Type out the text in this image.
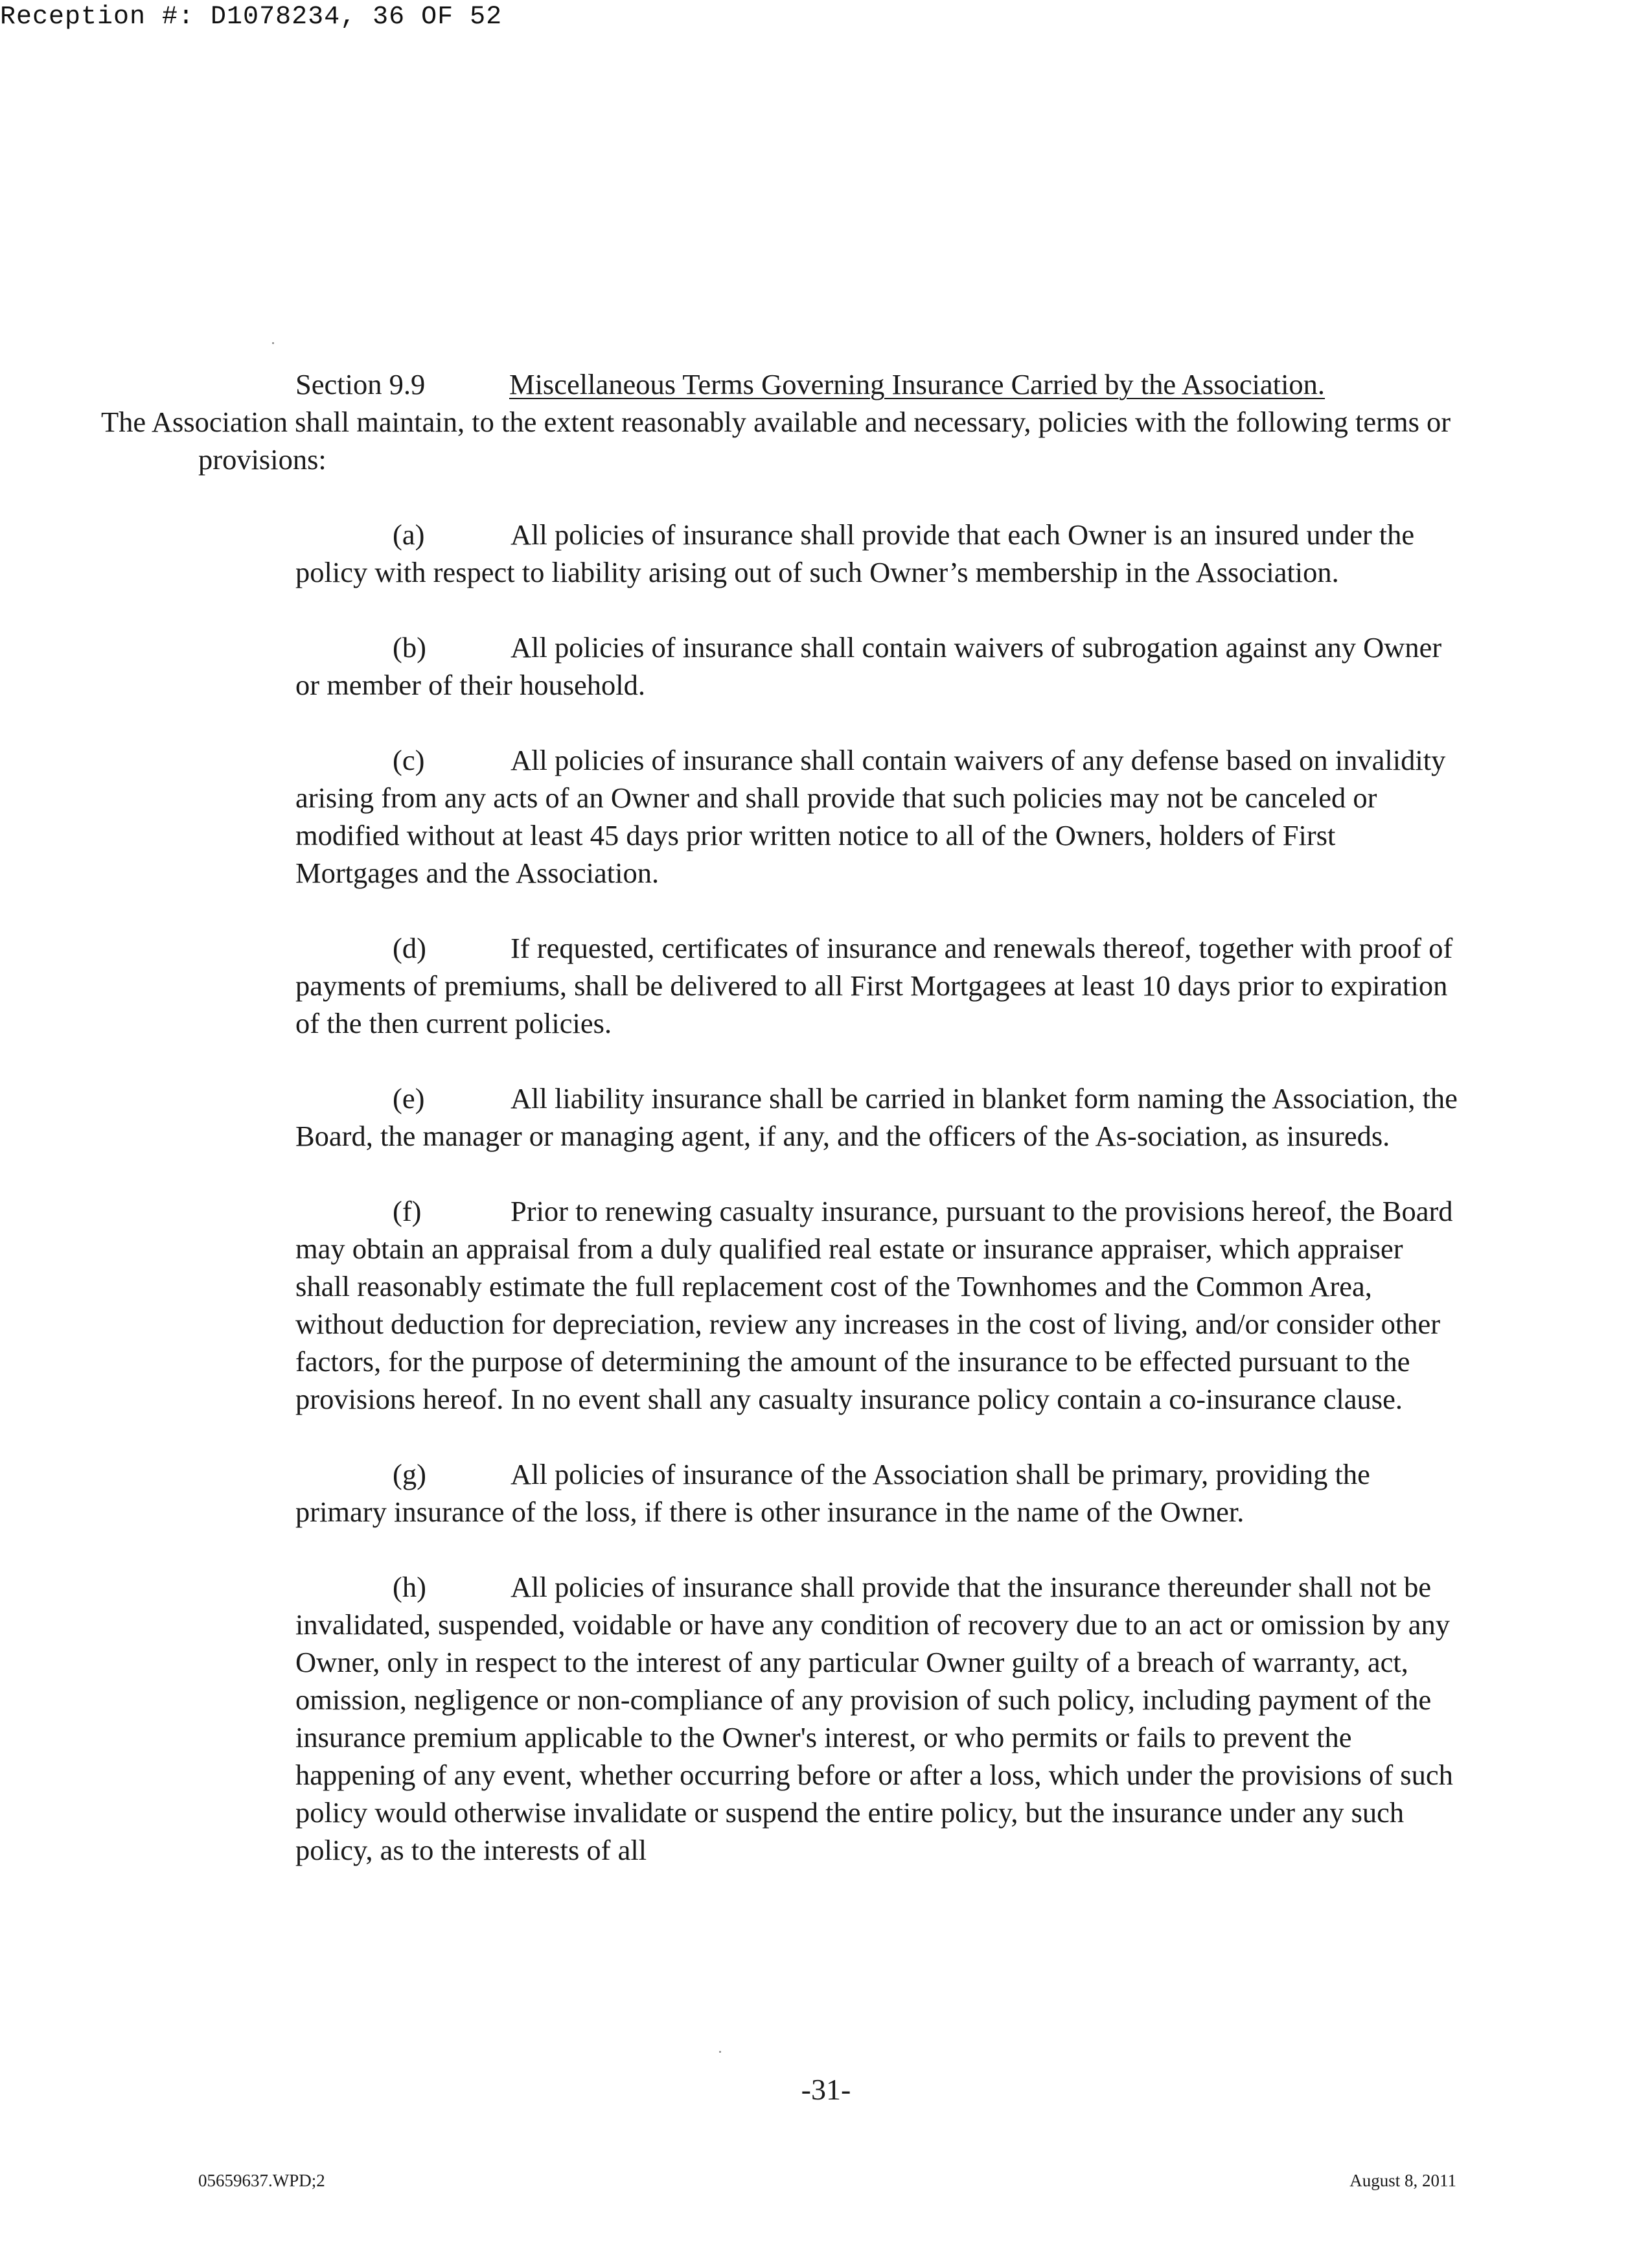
Reception #: D1078234, 36 OF 52

Section 9.9	Miscellaneous Terms Governing Insurance Carried by the Association.
The Association shall maintain, to the extent reasonably available and necessary, policies with the following terms or provisions:

(a)	All policies of insurance shall provide that each Owner is an insured under the policy with respect to liability arising out of such Owner’s membership in the Association.

(b)	All policies of insurance shall contain waivers of subrogation against any Owner or member of their household.

(c)	All policies of insurance shall contain waivers of any defense based on invalidity arising from any acts of an Owner and shall provide that such policies may not be canceled or modified without at least 45 days prior written notice to all of the Owners, holders of First Mortgages and the Association.

(d)	If requested, certificates of insurance and renewals thereof, together with proof of payments of premiums, shall be delivered to all First Mortgagees at least 10 days prior to expiration of the then current policies.

(e)	All liability insurance shall be carried in blanket form naming the Association, the Board, the manager or managing agent, if any, and the officers of the As-sociation, as insureds.

(f)	Prior to renewing casualty insurance, pursuant to the provisions hereof, the Board may obtain an appraisal from a duly qualified real estate or insurance appraiser, which appraiser shall reasonably estimate the full replacement cost of the Townhomes and the Common Area, without deduction for depreciation, review any increases in the cost of living, and/or consider other factors, for the purpose of determining the amount of the insurance to be effected pursuant to the provisions hereof. In no event shall any casualty insurance policy contain a co-insurance clause.

(g)	All policies of insurance of the Association shall be primary, providing the primary insurance of the loss, if there is other insurance in the name of the Owner.

(h)	All policies of insurance shall provide that the insurance thereunder shall not be invalidated, suspended, voidable or have any condition of recovery due to an act or omission by any Owner, only in respect to the interest of any particular Owner guilty of a breach of warranty, act, omission, negligence or non-compliance of any provision of such policy, including payment of the insurance premium applicable to the Owner's interest, or who permits or fails to prevent the happening of any event, whether occurring before or after a loss, which under the provisions of such policy would otherwise invalidate or suspend the entire policy, but the insurance under any such policy, as to the interests of all

-31-
05659637.WPD;2	August 8, 2011
